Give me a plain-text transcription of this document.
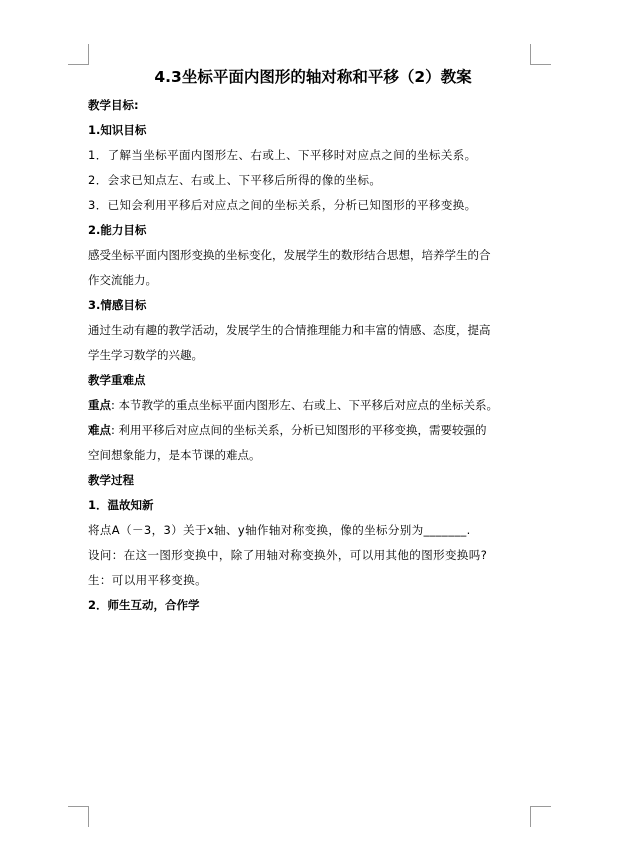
4.3坐标平面内图形的轴对称和平移（2）教案
教学目标:
1.知识目标
1．了解当坐标平面内图形左、右或上、下平移时对应点之间的坐标关系。
2．会求已知点左、右或上、下平移后所得的像的坐标。
3．已知会利用平移后对应点之间的坐标关系，分析已知图形的平移变换。
2.能力目标
感受坐标平面内图形变换的坐标变化，发展学生的数形结合思想，培养学生的合
作交流能力。
3.情感目标
通过生动有趣的教学活动，发展学生的合情推理能力和丰富的情感、态度，提高
学生学习数学的兴趣。
教学重难点
重点: 本节教学的重点坐标平面内图形左、右或上、下平移后对应点的坐标关系。
难点: 利用平移后对应点间的坐标关系，分析已知图形的平移变换，需要较强的
空间想象能力，是本节课的难点。
教学过程
1．温故知新
将点A（－3，3）关于x轴、y轴作轴对称变换，像的坐标分别为_______.
设问：在这一图形变换中，除了用轴对称变换外，可以用其他的图形变换吗?
生：可以用平移变换。
2．师生互动，合作学
